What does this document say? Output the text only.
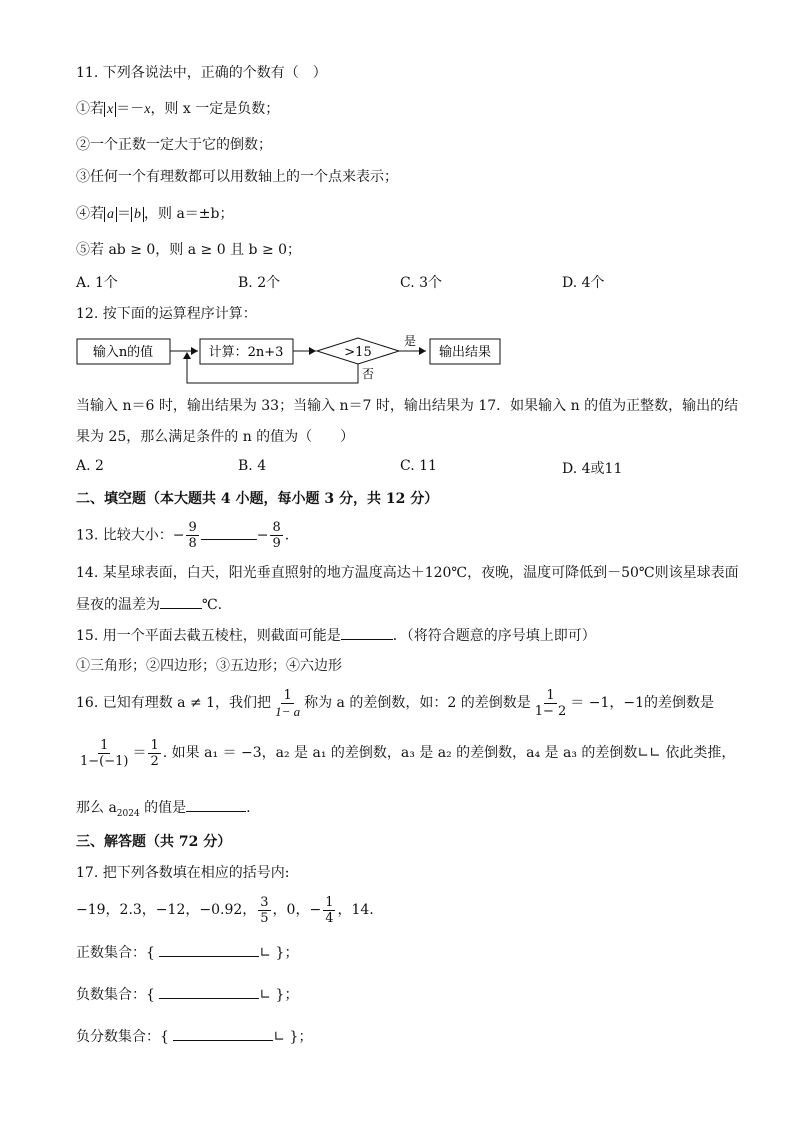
11. 下列各说法中，正确的个数有（　）
①若 x ＝－x，则 x 一定是负数；
②一个正数一定大于它的倒数；
③任何一个有理数都可以用数轴上的一个点来表示；
④若 a ＝ b ，则 a＝±b；
⑤若 ab ≥ 0，则 a ≥ 0 且 b ≥ 0；
A. 1个	B. 2个	C. 3个	D. 4个
12. 按下面的运算程序计算：
输入n的值	计算：2n+3	>15
是
输出结果
否
当输入 n＝6 时，输出结果为 33；当输入 n＝7 时，输出结果为 17．如果输入 n 的值为正整数，输出的结
果为 25，那么满足条件的 n 的值为（　　）
A. 2	B. 4	C. 11	D. 4或11
二、填空题（本大题共 4 小题，每小题 3 分，共 12 分）
13. 比较大小：− $\frac{9}{8}$	− $\frac{8}{9}$ .
14. 某星球表面，白天，阳光垂直照射的地方温度高达＋120℃，夜晚，温度可降低到－50℃则该星球表面
昼夜的温差为	℃.
15. 用一个平面去截五棱柱，则截面可能是	．（将符合题意的序号填上即可）
①三角形；②四边形；③五边形；④六边形
16. 已知有理数 a ≠ 1，我们把 $\frac{1}{1- a}$ 称为 a 的差倒数，如：2 的差倒数是 $\frac{1}{1- 2} = -1$，−1的差倒数是
$\frac{1}{1-(-1)} = \frac{1}{2}$ . 如果 a₁ ＝ −3，a₂ 是 a₁ 的差倒数，a₃ 是 a₂ 的差倒数，a₄ 是 a₃ 的差倒数∟∟ 依此类推，
那么 $a_{2024}$ 的值是	.
三、解答题（共 72 分）
17. 把下列各数填在相应的括号内:
−19，2.3，−12，−0.92， $\frac{3}{5}$ ，0，− $\frac{1}{4}$ ，14.
正数集合：{	∟ }；
负数集合：{	∟ }；
负分数集合：{	∟ }；
